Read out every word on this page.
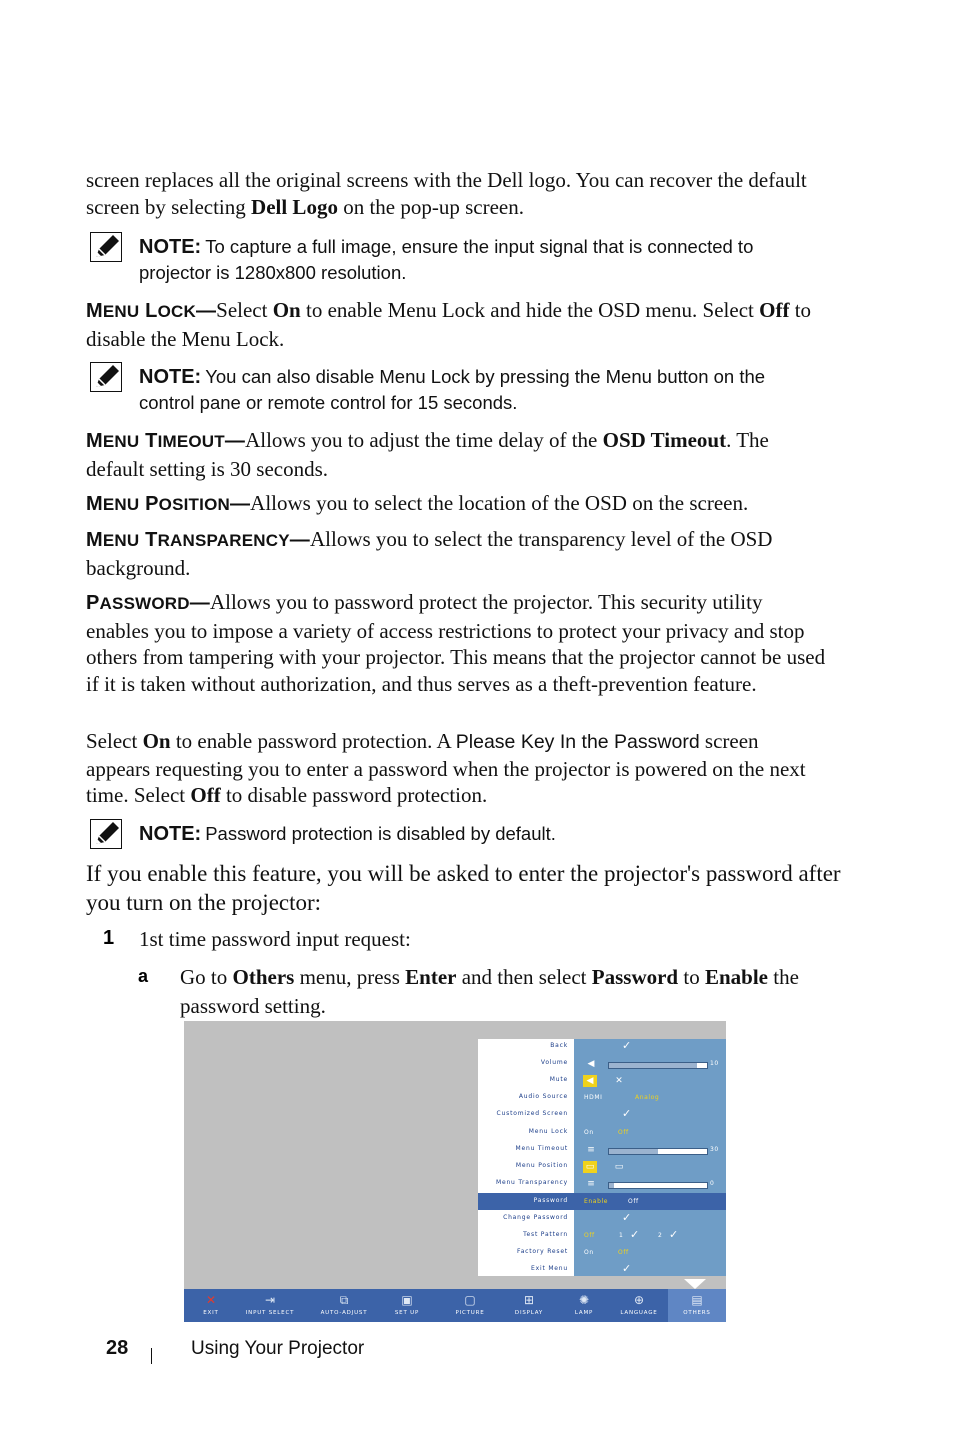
screen replaces all the original screens with the Dell logo. You can recover the default screen by selecting Dell Logo on the pop-up screen.

NOTE: To capture a full image, ensure the input signal that is connected to projector is 1280x800 resolution.

MENU LOCK—Select On to enable Menu Lock and hide the OSD menu. Select Off to disable the Menu Lock.

NOTE: You can also disable Menu Lock by pressing the Menu button on the control pane or remote control for 15 seconds.

MENU TIMEOUT—Allows you to adjust the time delay of the OSD Timeout. The default setting is 30 seconds.

MENU POSITION—Allows you to select the location of the OSD on the screen.

MENU TRANSPARENCY—Allows you to select the transparency level of the OSD background.

PASSWORD—Allows you to password protect the projector. This security utility enables you to impose a variety of access restrictions to protect your privacy and stop others from tampering with your projector. This means that the projector cannot be used if it is taken without authorization, and thus serves as a theft-prevention feature.

Select On to enable password protection. A Please Key In the Password screen appears requesting you to enter a password when the projector is powered on the next time. Select Off to disable password protection.

NOTE: Password protection is disabled by default.
If you enable this feature, you will be asked to enter the projector's password after you turn on the projector:
1 1st time password input request:
a Go to Others menu, press Enter and then select Password to Enable the password setting.
Back	✓
Volume	◀	10
Mute	◀	✕
Audio Source	HDMI	Analog
Customized Screen	✓
Menu Lock	On	Off
Menu Timeout	≡	30
Menu Position	▭	▭
Menu Transparency	≡	0
Password	Enable	Off
Change Password	✓
Test Pattern	Off	1 ✓	2 ✓
Factory Reset	On	Off
Exit Menu	✓
✕
EXIT
⇥
INPUT SELECT
⧉
AUTO-ADJUST
▣
SET UP
▢
PICTURE
⊞
DISPLAY
✺
LAMP
⊕
LANGUAGE
▤
OTHERS
28	Using Your Projector
